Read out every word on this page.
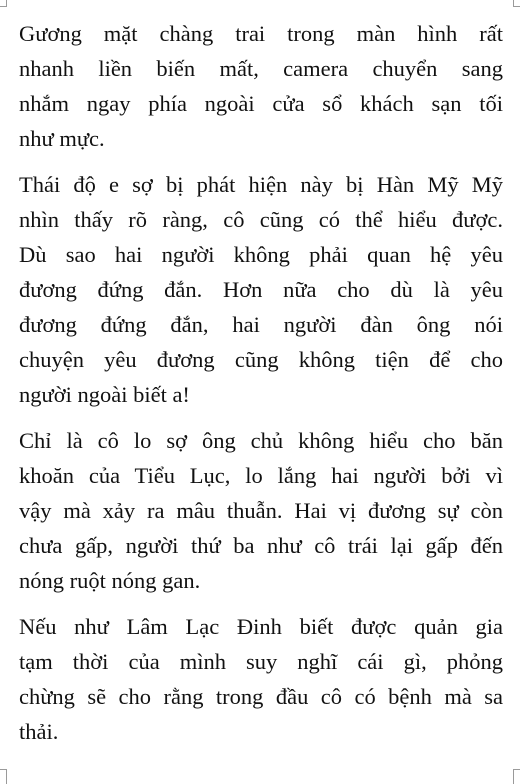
Gương mặt chàng trai trong màn hình rất
nhanh liền biến mất, camera chuyển sang
nhắm ngay phía ngoài cửa sổ khách sạn tối
như mực.

Thái độ e sợ bị phát hiện này bị Hàn Mỹ Mỹ
nhìn thấy rõ ràng, cô cũng có thể hiểu được.
Dù sao hai người không phải quan hệ yêu
đương đứng đắn. Hơn nữa cho dù là yêu
đương đứng đắn, hai người đàn ông nói
chuyện yêu đương cũng không tiện để cho
người ngoài biết a!

Chỉ là cô lo sợ ông chủ không hiểu cho băn
khoăn của Tiểu Lục, lo lắng hai người bởi vì
vậy mà xảy ra mâu thuẫn. Hai vị đương sự còn
chưa gấp, người thứ ba như cô trái lại gấp đến
nóng ruột nóng gan.

Nếu như Lâm Lạc Đinh biết được quản gia
tạm thời của mình suy nghĩ cái gì, phỏng
chừng sẽ cho rằng trong đầu cô có bệnh mà sa
thải.
